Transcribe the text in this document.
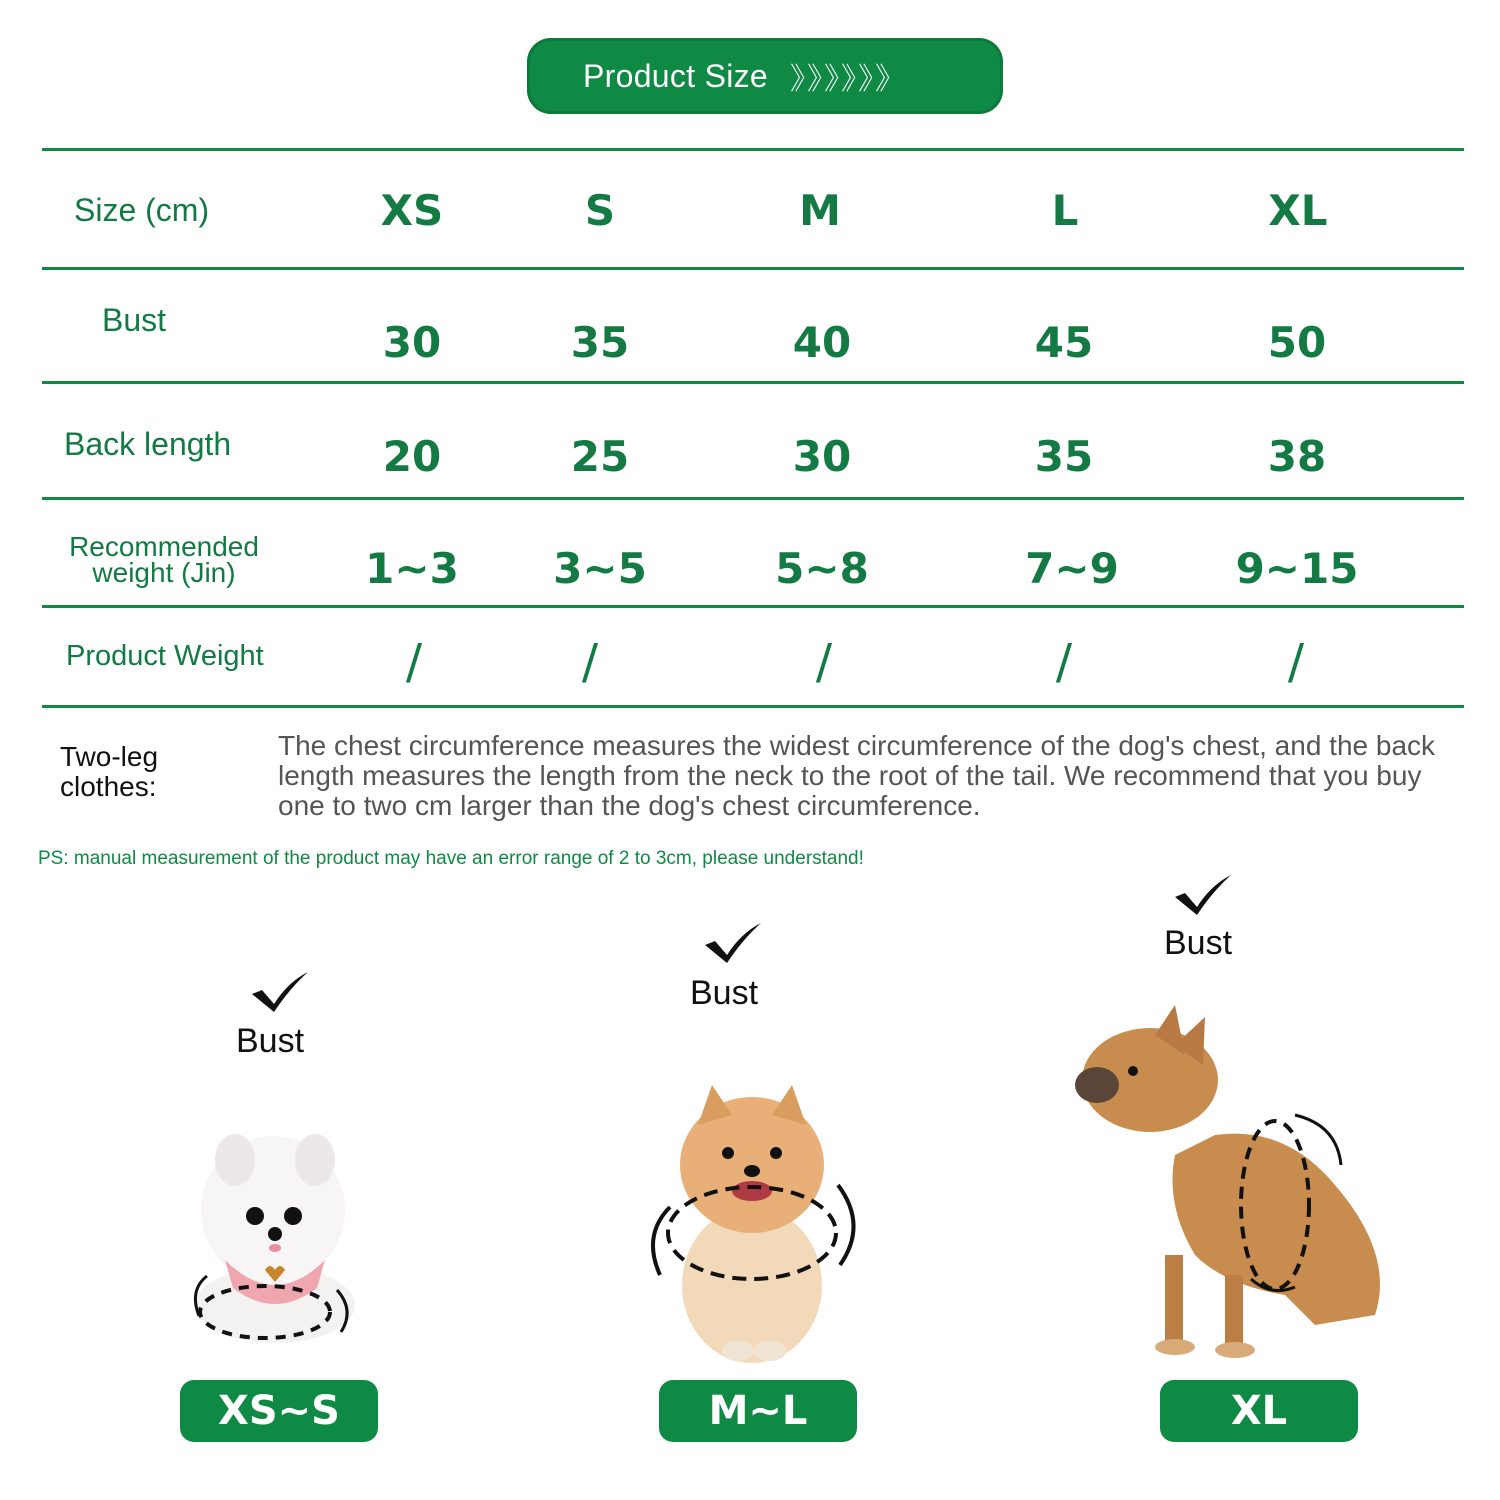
Product Size 》》》》》》
Size (cm)	XS	S	M	L	XL
Bust	30	35	40	45	50
Back length	20	25	30	35	38
Recommended
weight (Jin)	1~3	3~5	5~8	7~9	9~15
Product Weight	/	/	/	/	/
Two-leg clothes:
The chest circumference measures the widest circumference of the dog's chest, and the back length measures the length from the neck to the root of the tail. We recommend that you buy one to two cm larger than the dog's chest circumference.
PS: manual measurement of the product may have an error range of 2 to 3cm, please understand!
Bust
Bust
Bust
XS~S	M~L	XL
